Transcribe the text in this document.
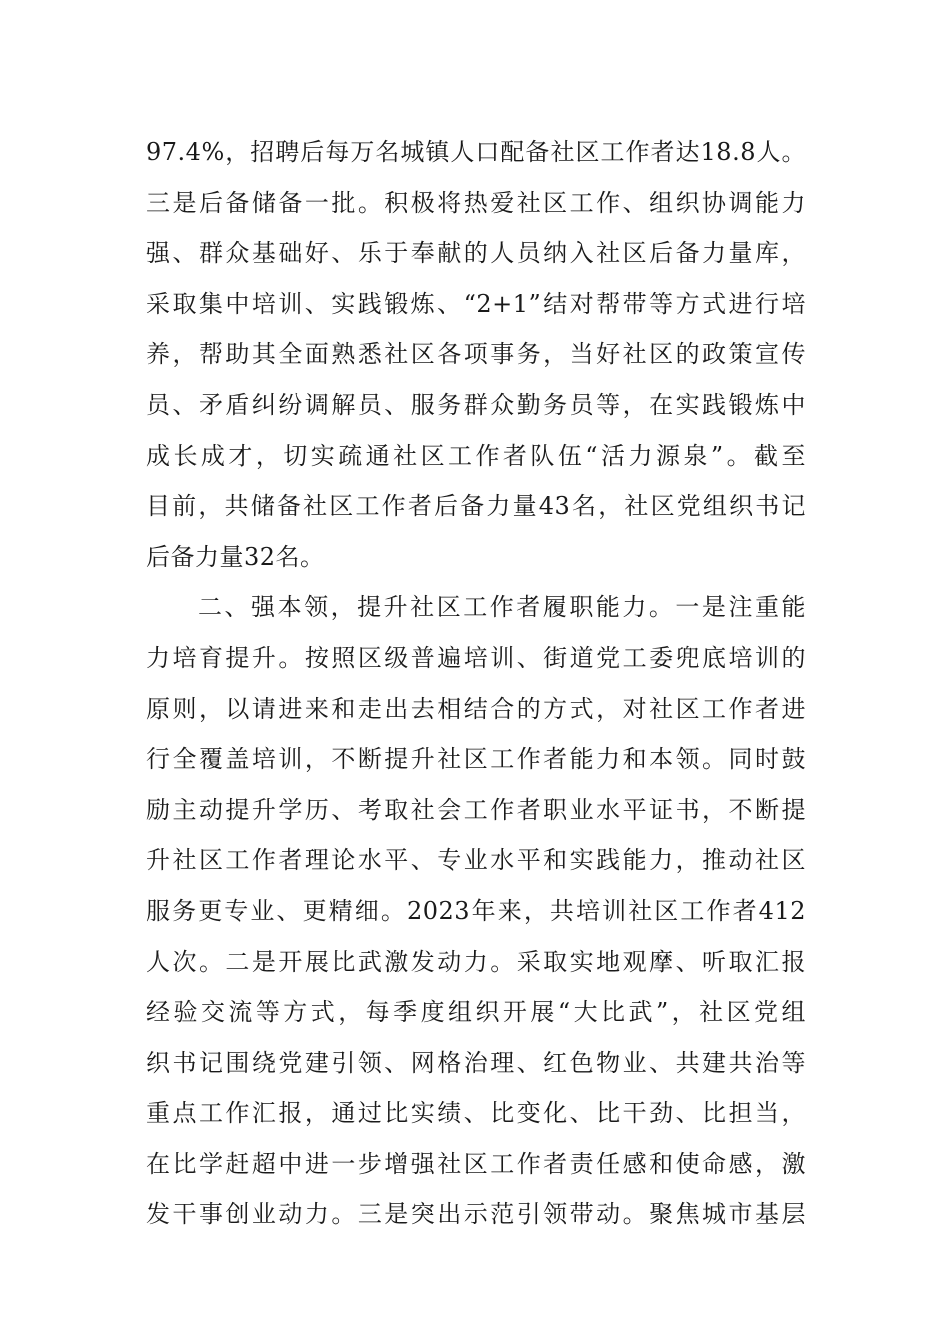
97.4%，招聘后每万名城镇人口配备社区工作者达18.8人。
三是后备储备一批。积极将热爱社区工作、组织协调能力
强、群众基础好、乐于奉献的人员纳入社区后备力量库，
采取集中培训、实践锻炼、“2+1”结对帮带等方式进行培
养，帮助其全面熟悉社区各项事务，当好社区的政策宣传
员、矛盾纠纷调解员、服务群众勤务员等，在实践锻炼中
成长成才，切实疏通社区工作者队伍“活力源泉”。截至
目前，共储备社区工作者后备力量43名，社区党组织书记
后备力量32名。
二、强本领，提升社区工作者履职能力。一是注重能
力培育提升。按照区级普遍培训、街道党工委兜底培训的
原则，以请进来和走出去相结合的方式，对社区工作者进
行全覆盖培训，不断提升社区工作者能力和本领。同时鼓
励主动提升学历、考取社会工作者职业水平证书，不断提
升社区工作者理论水平、专业水平和实践能力，推动社区
服务更专业、更精细。2023年来，共培训社区工作者412
人次。二是开展比武激发动力。采取实地观摩、听取汇报
经验交流等方式，每季度组织开展“大比武”，社区党组
织书记围绕党建引领、网格治理、红色物业、共建共治等
重点工作汇报，通过比实绩、比变化、比干劲、比担当，
在比学赶超中进一步增强社区工作者责任感和使命感，激
发干事创业动力。三是突出示范引领带动。聚焦城市基层
